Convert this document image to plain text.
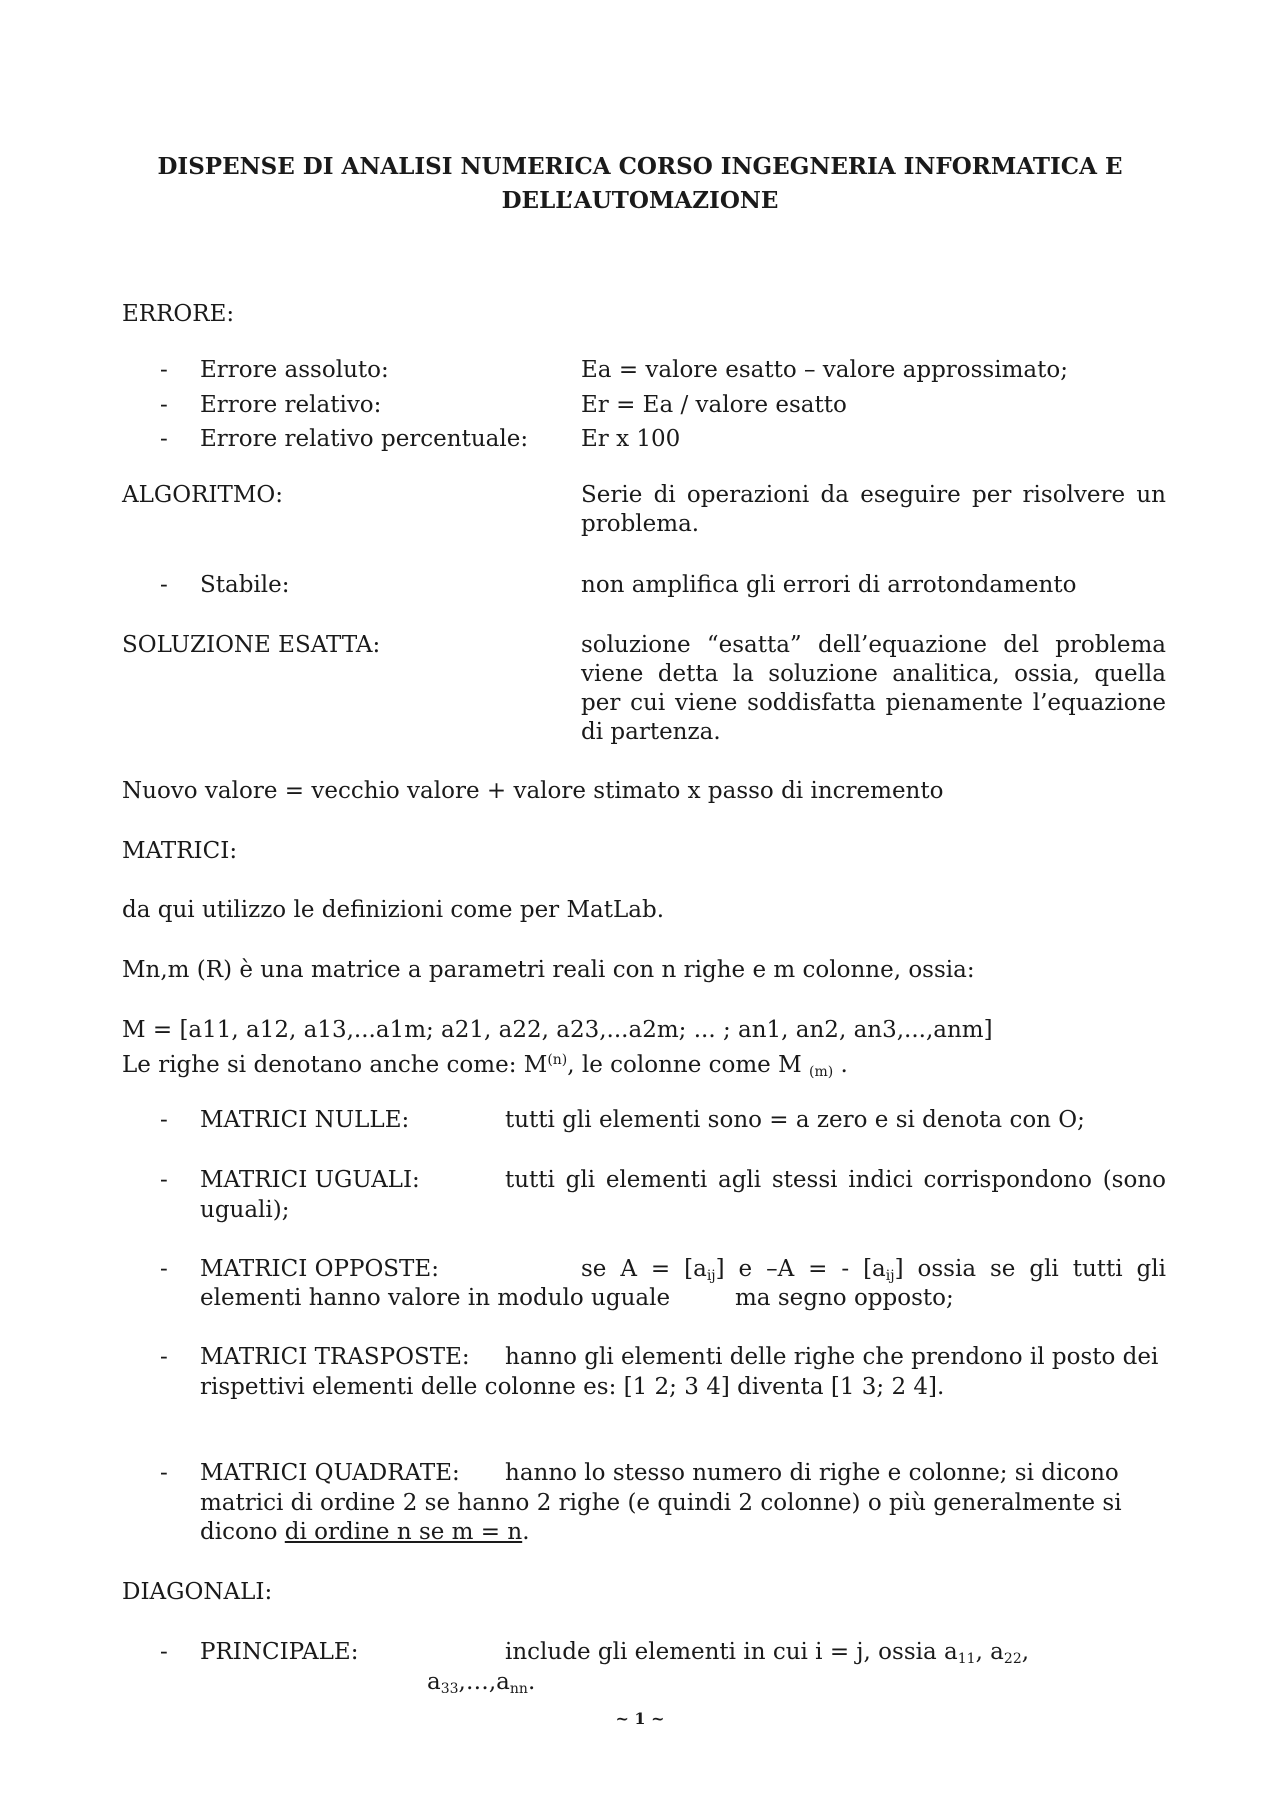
DISPENSE DI ANALISI NUMERICA CORSO INGEGNERIA INFORMATICA E
DELL’AUTOMAZIONE
ERRORE:
- Errore assoluto:	Ea = valore esatto – valore approssimato;
- Errore relativo:	Er = Ea / valore esatto
- Errore relativo percentuale: Er x 100
ALGORITMO:	Serie di operazioni da eseguire per risolvere un problema.
- Stabile:	non amplifica gli errori di arrotondamento
SOLUZIONE ESATTA:	soluzione “esatta” dell’equazione del problema viene detta la soluzione analitica, ossia, quella per cui viene soddisfatta pienamente l’equazione di partenza.
Nuovo valore = vecchio valore + valore stimato x passo di incremento
MATRICI:
da qui utilizzo le definizioni come per MatLab.
Mn,m (R) è una matrice a parametri reali con n righe e m colonne, ossia:
M = [a11, a12, a13,...a1m; a21, a22, a23,...a2m; ... ; an1, an2, an3,...,anm]
Le righe si denotano anche come: $M^{(n)}$, le colonne come M $_{(m)}$ .
- MATRICI NULLE:	tutti gli elementi sono = a zero e si denota con O;
- MATRICI UGUALI:	tutti gli elementi agli stessi indici corrispondono (sono
uguali);
- MATRICI OPPOSTE:	se $A = [a_{ij}]$ e –A = - $[a_{ij}]$ ossia se gli tutti gli
elementi hanno valore in modulo uguale	ma segno opposto;
- MATRICI TRASPOSTE: hanno gli elementi delle righe che prendono il posto dei
rispettivi elementi delle colonne es: [1 2; 3 4] diventa [1 3; 2 4].
- MATRICI QUADRATE: hanno lo stesso numero di righe e colonne; si dicono
matrici di ordine 2 se hanno 2 righe (e quindi 2 colonne) o più generalmente si
dicono di ordine n se m = n.
DIAGONALI:
- PRINCIPALE:	include gli elementi in cui i = j, ossia $a_{11}$, $a_{22}$,
$a_{33},\dots,a_{nn}$.
~ 1 ~
